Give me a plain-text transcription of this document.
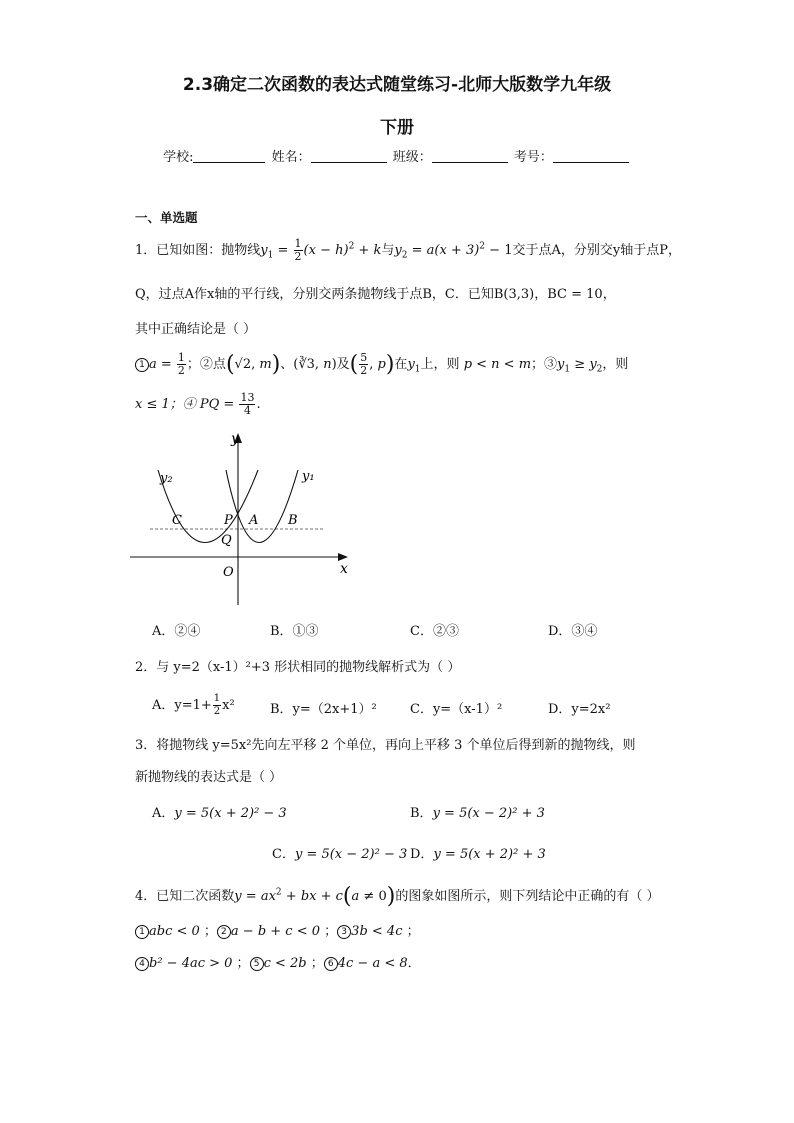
2.3确定二次函数的表达式随堂练习-北师大版数学九年级
下册
学校:	姓名：	班级：	考号：
一、单选题
1．已知如图：抛物线$y_1 = \frac{1}{2} (x - h)^2 + k$与$y_2 = a(x + 3)^2 - 1$交于点A，分别交y轴于点P，
Q，过点A作x轴的平行线，分别交两条抛物线于点B，C．已知B(3,3)，BC = 10，
其中正确结论是（ ）
1 $a = \frac{1}{2}$ ；②点(√2, m)、(∛3, n)及( $\frac{5}{2}$ , p)在$y_1$上，则 p < n < m；$③y_1 \ge y_2$，则
x ≤ 1；④ PQ = $\frac{13}{4}$ .
y
x
y₂	y₁
C	P A B
Q
O
A．②④	B．①③	C．②③	D．③④
2．与 y=2（x-1）²+3 形状相同的抛物线解析式为（ ）
A．$y=1+ \frac{1}{2} x^2$	B．y=（2x+1）²	C．y=（x-1）²	D．y=2x²
3．将抛物线 y=5x²先向左平移 2 个单位，再向上平移 3 个单位后得到新的抛物线，则
新抛物线的表达式是（ ）
A．y = 5(x + 2)² − 3	B．y = 5(x − 2)² + 3
C．y = 5(x − 2)² − 3 D．y = 5(x + 2)² + 3
4．已知二次函数$y = ax^2$ + bx + c(a ≠ 0)的图象如图所示，则下列结论中正确的有（ ）
1 abc < 0 ； 2 a − b + c < 0 ； 3 3b < 4c ；
4 b² − 4ac > 0 ； 5 c < 2b ； 6 4c − a < 8．
